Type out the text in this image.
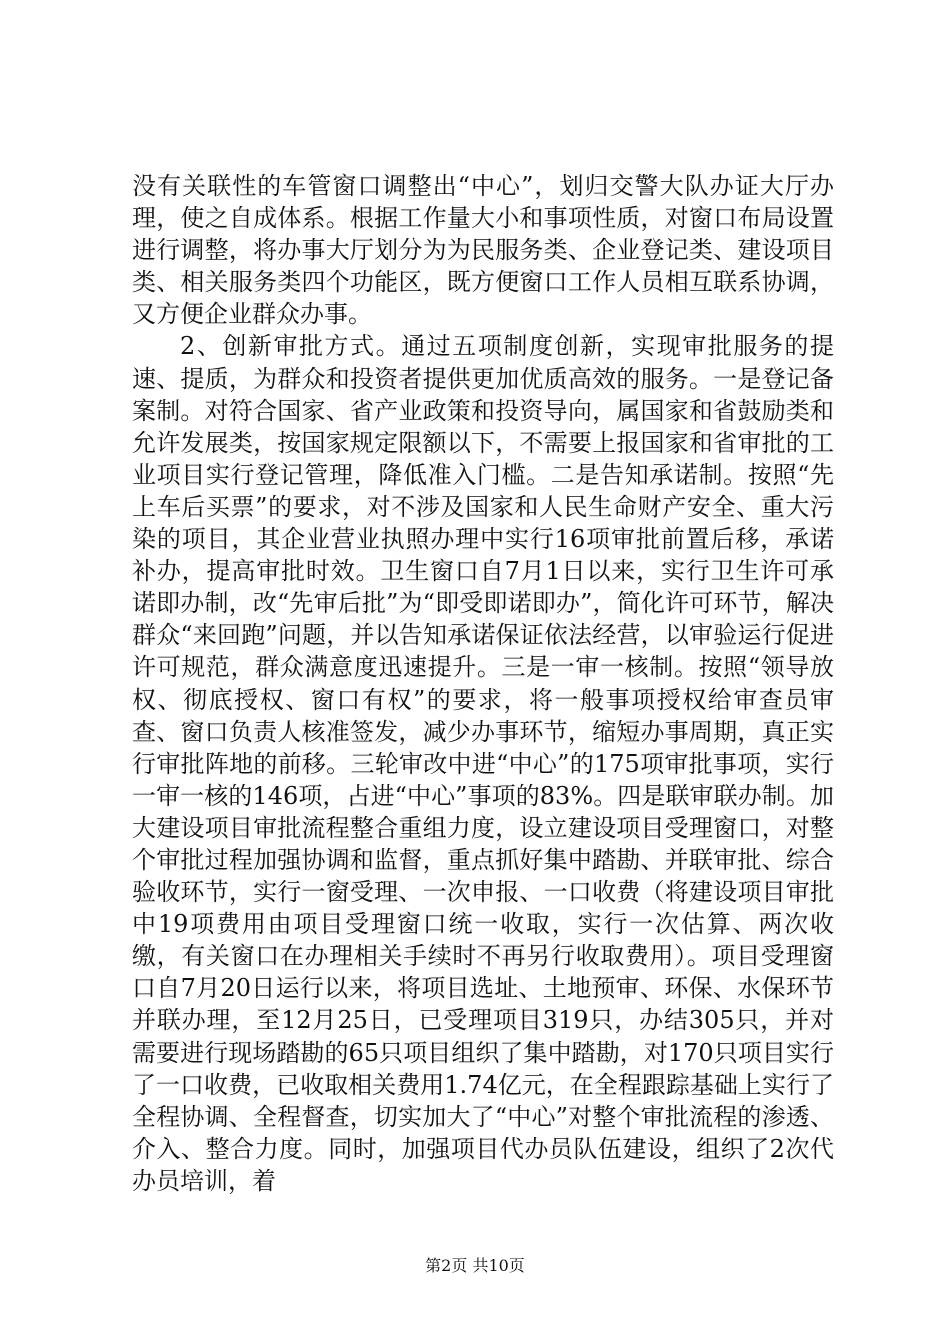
没有关联性的车管窗口调整出“中心”，划归交警大队办证大厅办理，使之自成体系。根据工作量大小和事项性质，对窗口布局设置进行调整，将办事大厅划分为为民服务类、企业登记类、建设项目类、相关服务类四个功能区，既方便窗口工作人员相互联系协调，又方便企业群众办事。

2、创新审批方式。通过五项制度创新，实现审批服务的提速、提质，为群众和投资者提供更加优质高效的服务。一是登记备案制。对符合国家、省产业政策和投资导向，属国家和省鼓励类和允许发展类，按国家规定限额以下，不需要上报国家和省审批的工业项目实行登记管理，降低准入门槛。二是告知承诺制。按照“先上车后买票”的要求，对不涉及国家和人民生命财产安全、重大污染的项目，其企业营业执照办理中实行16项审批前置后移，承诺补办，提高审批时效。卫生窗口自7月1日以来，实行卫生许可承诺即办制，改“先审后批”为“即受即诺即办”，简化许可环节，解决群众“来回跑”问题，并以告知承诺保证依法经营，以审验运行促进许可规范，群众满意度迅速提升。三是一审一核制。按照“领导放权、彻底授权、窗口有权”的要求，将一般事项授权给审查员审查、窗口负责人核准签发，减少办事环节，缩短办事周期，真正实行审批阵地的前移。三轮审改中进“中心”的175项审批事项，实行一审一核的146项，占进“中心”事项的83%。四是联审联办制。加大建设项目审批流程整合重组力度，设立建设项目受理窗口，对整个审批过程加强协调和监督，重点抓好集中踏勘、并联审批、综合验收环节，实行一窗受理、一次申报、一口收费（将建设项目审批中19项费用由项目受理窗口统一收取，实行一次估算、两次收缴，有关窗口在办理相关手续时不再另行收取费用）。项目受理窗口自7月20日运行以来，将项目选址、土地预审、环保、水保环节并联办理，至12月25日，已受理项目319只，办结305只，并对需要进行现场踏勘的65只项目组织了集中踏勘，对170只项目实行了一口收费，已收取相关费用1.74亿元，在全程跟踪基础上实行了全程协调、全程督查，切实加大了“中心”对整个审批流程的渗透、介入、整合力度。同时，加强项目代办员队伍建设，组织了2次代办员培训，着

第2页 共10页
